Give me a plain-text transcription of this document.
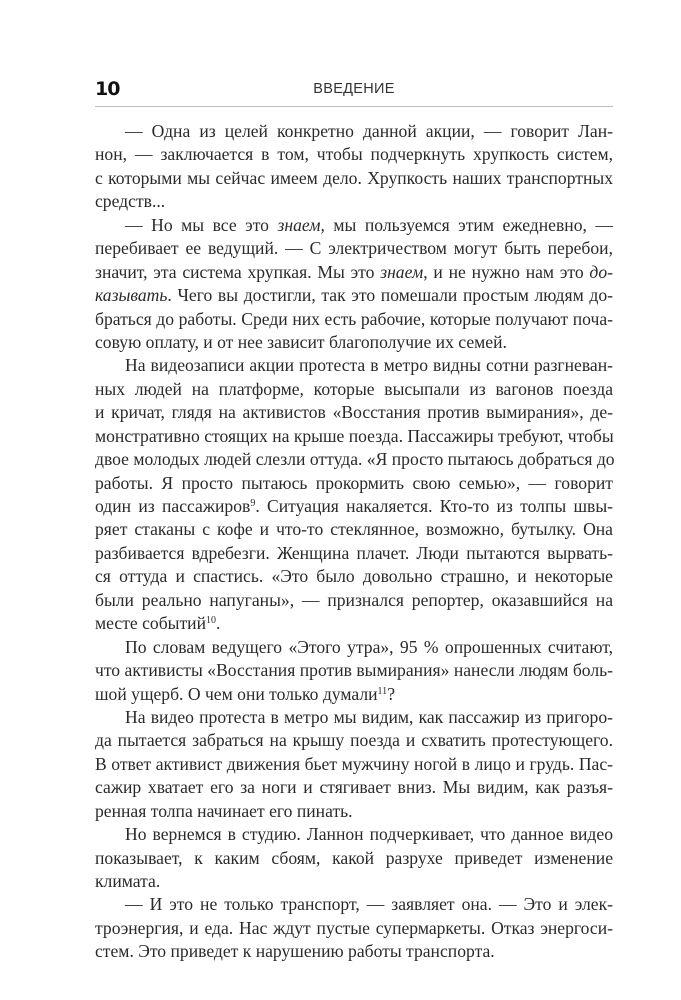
10	ВВЕДЕНИЕ
— Одна из целей конкретно данной акции, — говорит Лан-
нон, — заключается в том, чтобы подчеркнуть хрупкость систем,
с которыми мы сейчас имеем дело. Хрупкость наших транспортных
средств...
— Но мы все это знаем, мы пользуемся этим ежедневно, —
перебивает ее ведущий. — С электричеством могут быть перебои,
значит, эта система хрупкая. Мы это знаем, и не нужно нам это до-
казывать. Чего вы достигли, так это помешали простым людям до-
браться до работы. Среди них есть рабочие, которые получают поча-
совую оплату, и от нее зависит благополучие их семей.
На видеозаписи акции протеста в метро видны сотни разгневан-
ных людей на платформе, которые высыпали из вагонов поезда
и кричат, глядя на активистов «Восстания против вымирания», де-
монстративно стоящих на крыше поезда. Пассажиры требуют, чтобы
двое молодых людей слезли оттуда. «Я просто пытаюсь добраться до
работы. Я просто пытаюсь прокормить свою семью», — говорит
один из пассажиров$^9$. Ситуация накаляется. Кто-то из толпы швы-
ряет стаканы с кофе и что-то стеклянное, возможно, бутылку. Она
разбивается вдребезги. Женщина плачет. Люди пытаются вырвать-
ся оттуда и спастись. «Это было довольно страшно, и некоторые
были реально напуганы», — признался репортер, оказавшийся на
месте событий$^{10}$.
По словам ведущего «Этого утра», 95 % опрошенных считают,
что активисты «Восстания против вымирания» нанесли людям боль-
шой ущерб. О чем они только думали$^{11}$?
На видео протеста в метро мы видим, как пассажир из пригоро-
да пытается забраться на крышу поезда и схватить протестующего.
В ответ активист движения бьет мужчину ногой в лицо и грудь. Пас-
сажир хватает его за ноги и стягивает вниз. Мы видим, как разъя-
ренная толпа начинает его пинать.
Но вернемся в студию. Ланнон подчеркивает, что данное видео
показывает, к каким сбоям, какой разрухе приведет изменение
климата.
— И это не только транспорт, — заявляет она. — Это и элек-
троэнергия, и еда. Нас ждут пустые супермаркеты. Отказ энергоси-
стем. Это приведет к нарушению работы транспорта.
